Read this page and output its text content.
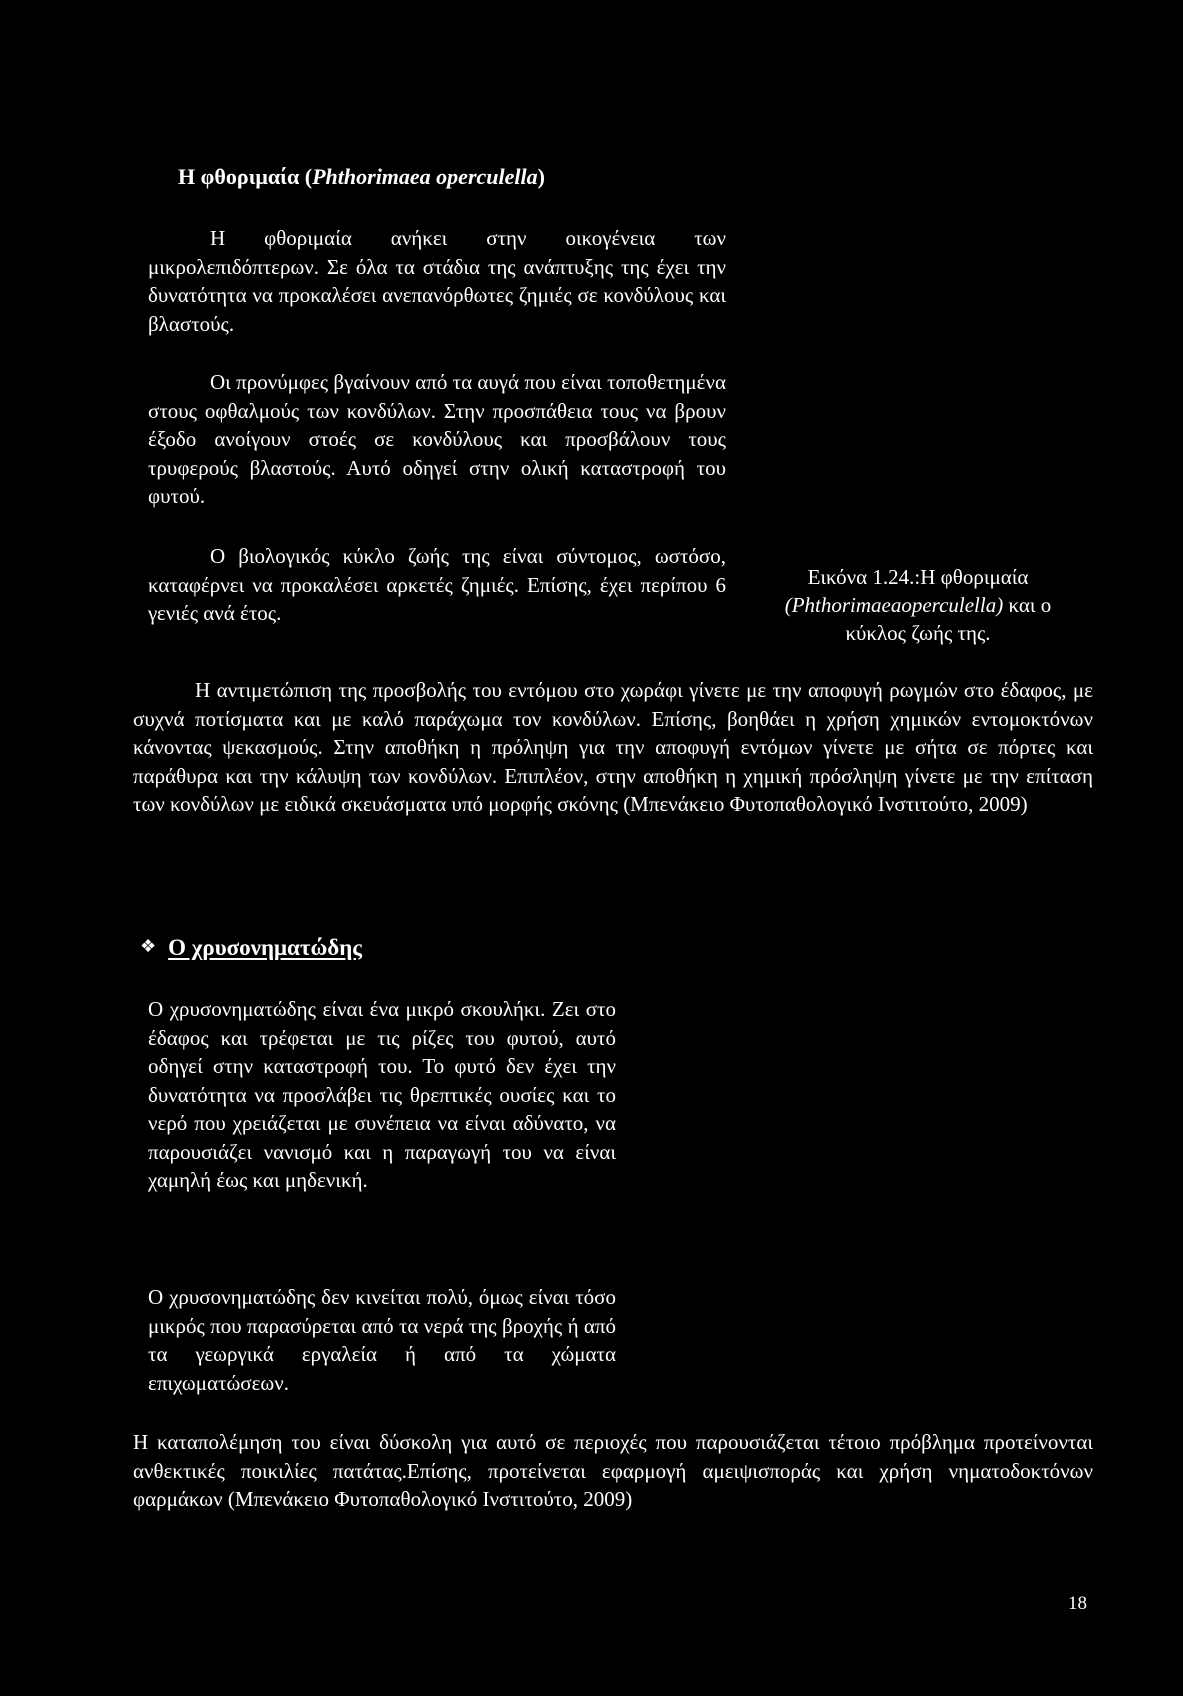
Η φθοριμαία (Phthorimaea operculella)

Η φθοριμαία ανήκει στην οικογένεια των μικρολεπιδόπτερων. Σε όλα τα στάδια της ανάπτυξης της έχει την δυνατότητα να προκαλέσει ανεπανόρθωτες ζημιές σε κονδύλους και βλαστούς.

Οι προνύμφες βγαίνουν από τα αυγά που είναι τοποθετημένα στους οφθαλμούς των κονδύλων. Στην προσπάθεια τους να βρουν έξοδο ανοίγουν στοές σε κονδύλους και προσβάλουν τους τρυφερούς βλαστούς. Αυτό οδηγεί στην ολική καταστροφή του φυτού.

Ο βιολογικός κύκλο ζωής της είναι σύντομος, ωστόσο, καταφέρνει να προκαλέσει αρκετές ζημιές. Επίσης, έχει περίπου 6 γενιές ανά έτος.

Εικόνα 1.24.:Η φθοριμαία
(Phthorimaeaoperculella) και ο
κύκλος ζωής της.

Η αντιμετώπιση της προσβολής του εντόμου στο χωράφι γίνετε με την αποφυγή ρωγμών στο έδαφος, με συχνά ποτίσματα και με καλό παράχωμα τον κονδύλων. Επίσης, βοηθάει η χρήση χημικών εντομοκτόνων κάνοντας ψεκασμούς. Στην αποθήκη η πρόληψη για την αποφυγή εντόμων γίνετε με σήτα σε πόρτες και παράθυρα και την κάλυψη των κονδύλων. Επιπλέον, στην αποθήκη η χημική πρόσληψη γίνετε με την επίταση των κονδύλων με ειδικά σκευάσματα υπό μορφής σκόνης (Μπενάκειο Φυτοπαθολογικό Ινστιτούτο, 2009)

❖ Ο χρυσονηματώδης

Ο χρυσονηματώδης είναι ένα μικρό σκουλήκι. Ζει στο έδαφος και τρέφεται με τις ρίζες του φυτού, αυτό οδηγεί στην καταστροφή του. Το φυτό δεν έχει την δυνατότητα να προσλάβει τις θρεπτικές ουσίες και το νερό που χρειάζεται με συνέπεια να είναι αδύνατο, να παρουσιάζει νανισμό και η παραγωγή του να είναι χαμηλή έως και μηδενική.

Ο χρυσονηματώδης δεν κινείται πολύ, όμως είναι τόσο μικρός που παρασύρεται από τα νερά της βροχής ή από τα γεωργικά εργαλεία ή από τα χώματα επιχωματώσεων.

Η καταπολέμηση του είναι δύσκολη για αυτό σε περιοχές που παρουσιάζεται τέτοιο πρόβλημα προτείνονται ανθεκτικές ποικιλίες πατάτας.Επίσης, προτείνεται εφαρμογή αμειψισποράς και χρήση νηματοδοκτόνων φαρμάκων (Μπενάκειο Φυτοπαθολογικό Ινστιτούτο, 2009)

18
